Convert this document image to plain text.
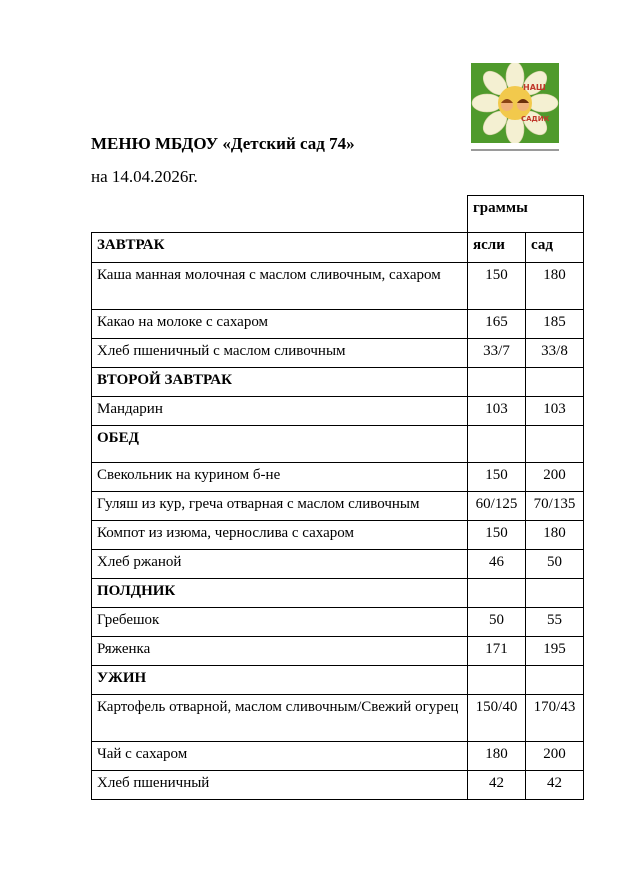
НАШ
САДИК
МЕНЮ МБДОУ «Детский сад 74»
на 14.04.2026г.
	граммы	
ЗАВТРАК	ясли	сад
Каша манная молочная с маслом сливочным, сахаром	150	180
Какао на молоке с сахаром	165	185
Хлеб пшеничный с маслом сливочным	33/7	33/8
ВТОРОЙ ЗАВТРАК		
Мандарин	103	103
ОБЕД		
Свекольник на курином б-не	150	200
Гуляш из кур, греча отварная с маслом сливочным	60/125	70/135
Компот из изюма, чернослива с сахаром	150	180
Хлеб ржаной	46	50
ПОЛДНИК		
Гребешок	50	55
Ряженка	171	195
УЖИН		
Картофель отварной, маслом сливочным/Свежий огурец	150/40	170/43
Чай с сахаром	180	200
Хлеб пшеничный	42	42
